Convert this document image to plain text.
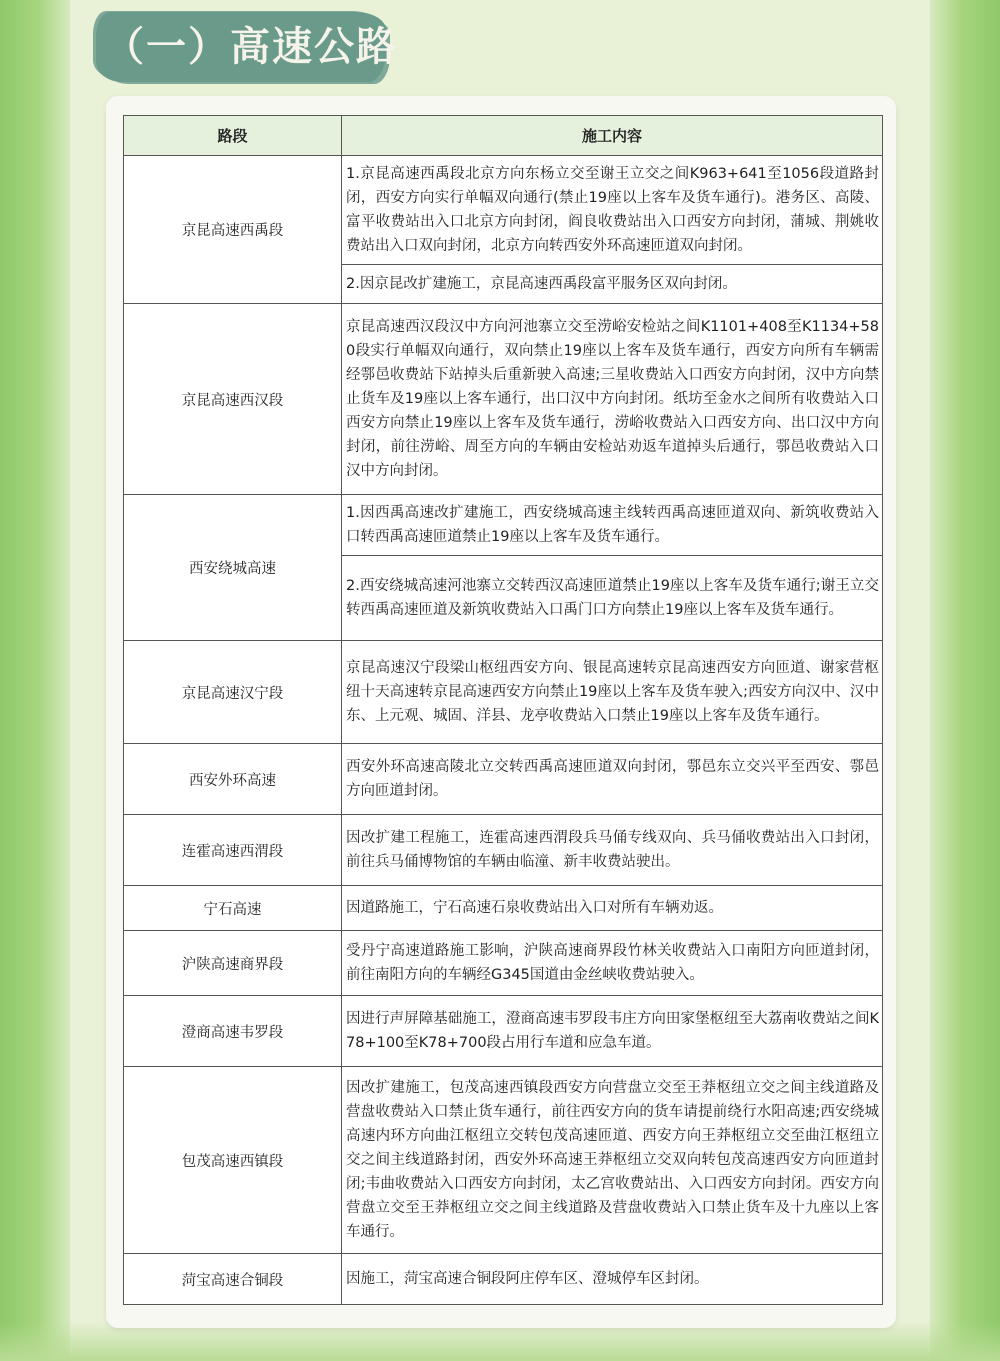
（一）高速公路
路段	施工内容
京昆高速西禹段	1.京昆高速西禹段北京方向东杨立交至谢王立交之间K963+641至1056段道路封闭，西安方向实行单幅双向通行(禁止19座以上客车及货车通行)。港务区、高陵、富平收费站出入口北京方向封闭，阎良收费站出入口西安方向封闭，蒲城、荆姚收费站出入口双向封闭，北京方向转西安外环高速匝道双向封闭。
	2.因京昆改扩建施工，京昆高速西禹段富平服务区双向封闭。
京昆高速西汉段	京昆高速西汉段汉中方向河池寨立交至涝峪安检站之间K1101+408至K1134+580段实行单幅双向通行，双向禁止19座以上客车及货车通行，西安方向所有车辆需经鄠邑收费站下站掉头后重新驶入高速;三星收费站入口西安方向封闭，汉中方向禁止货车及19座以上客车通行，出口汉中方向封闭。纸坊至金水之间所有收费站入口西安方向禁止19座以上客车及货车通行，涝峪收费站入口西安方向、出口汉中方向封闭，前往涝峪、周至方向的车辆由安检站劝返车道掉头后通行，鄠邑收费站入口汉中方向封闭。
西安绕城高速	1.因西禹高速改扩建施工，西安绕城高速主线转西禹高速匝道双向、新筑收费站入口转西禹高速匝道禁止19座以上客车及货车通行。
	2.西安绕城高速河池寨立交转西汉高速匝道禁止19座以上客车及货车通行;谢王立交转西禹高速匝道及新筑收费站入口禹门口方向禁止19座以上客车及货车通行。
京昆高速汉宁段	京昆高速汉宁段梁山枢纽西安方向、银昆高速转京昆高速西安方向匝道、谢家营枢纽十天高速转京昆高速西安方向禁止19座以上客车及货车驶入;西安方向汉中、汉中东、上元观、城固、洋县、龙亭收费站入口禁止19座以上客车及货车通行。
西安外环高速	西安外环高速高陵北立交转西禹高速匝道双向封闭，鄠邑东立交兴平至西安、鄠邑方向匝道封闭。
连霍高速西渭段	因改扩建工程施工，连霍高速西渭段兵马俑专线双向、兵马俑收费站出入口封闭，前往兵马俑博物馆的车辆由临潼、新丰收费站驶出。
宁石高速	因道路施工，宁石高速石泉收费站出入口对所有车辆劝返。
沪陕高速商界段	受丹宁高速道路施工影响，沪陕高速商界段竹林关收费站入口南阳方向匝道封闭，前往南阳方向的车辆经G345国道由金丝峡收费站驶入。
澄商高速韦罗段	因进行声屏障基础施工，澄商高速韦罗段韦庄方向田家堡枢纽至大荔南收费站之间K78+100至K78+700段占用行车道和应急车道。
包茂高速西镇段	因改扩建施工，包茂高速西镇段西安方向营盘立交至王莽枢纽立交之间主线道路及营盘收费站入口禁止货车通行，前往西安方向的货车请提前绕行水阳高速;西安绕城高速内环方向曲江枢纽立交转包茂高速匝道、西安方向王莽枢纽立交至曲江枢纽立交之间主线道路封闭，西安外环高速王莽枢纽立交双向转包茂高速西安方向匝道封闭;韦曲收费站入口西安方向封闭，太乙宫收费站出、入口西安方向封闭。西安方向营盘立交至王莽枢纽立交之间主线道路及营盘收费站入口禁止货车及十九座以上客车通行。
菏宝高速合铜段	因施工，菏宝高速合铜段阿庄停车区、澄城停车区封闭。
